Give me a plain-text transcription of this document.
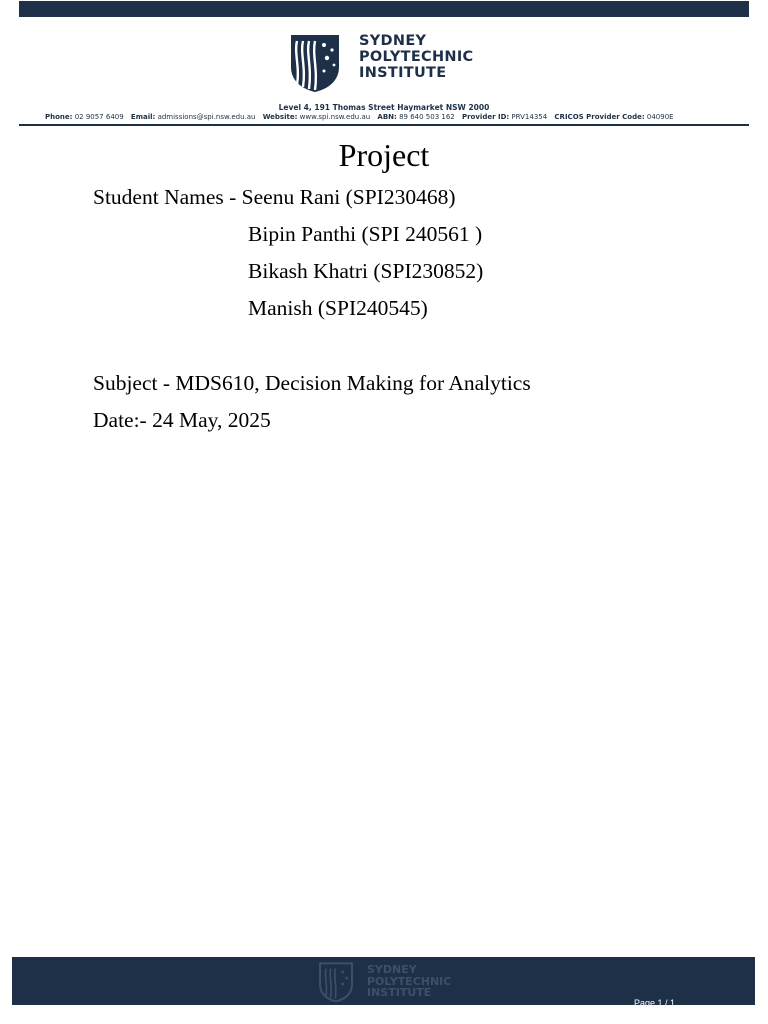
SYDNEY
POLYTECHNIC
INSTITUTE
Level 4, 191 Thomas Street Haymarket NSW 2000
Phone: 02 9057 6409 Email: admissions@spi.nsw.edu.au Website: www.spi.nsw.edu.au ABN: 89 640 503 162 Provider ID: PRV14354 CRICOS Provider Code: 04090E
Project
Student Names - Seenu Rani (SPI230468)
Bipin Panthi (SPI 240561 )
Bikash Khatri (SPI230852)
Manish (SPI240545)
Subject - MDS610, Decision Making for Analytics
Date:- 24 May, 2025
SYDNEY
POLYTECHNIC
INSTITUTE
Page 1 / 1
